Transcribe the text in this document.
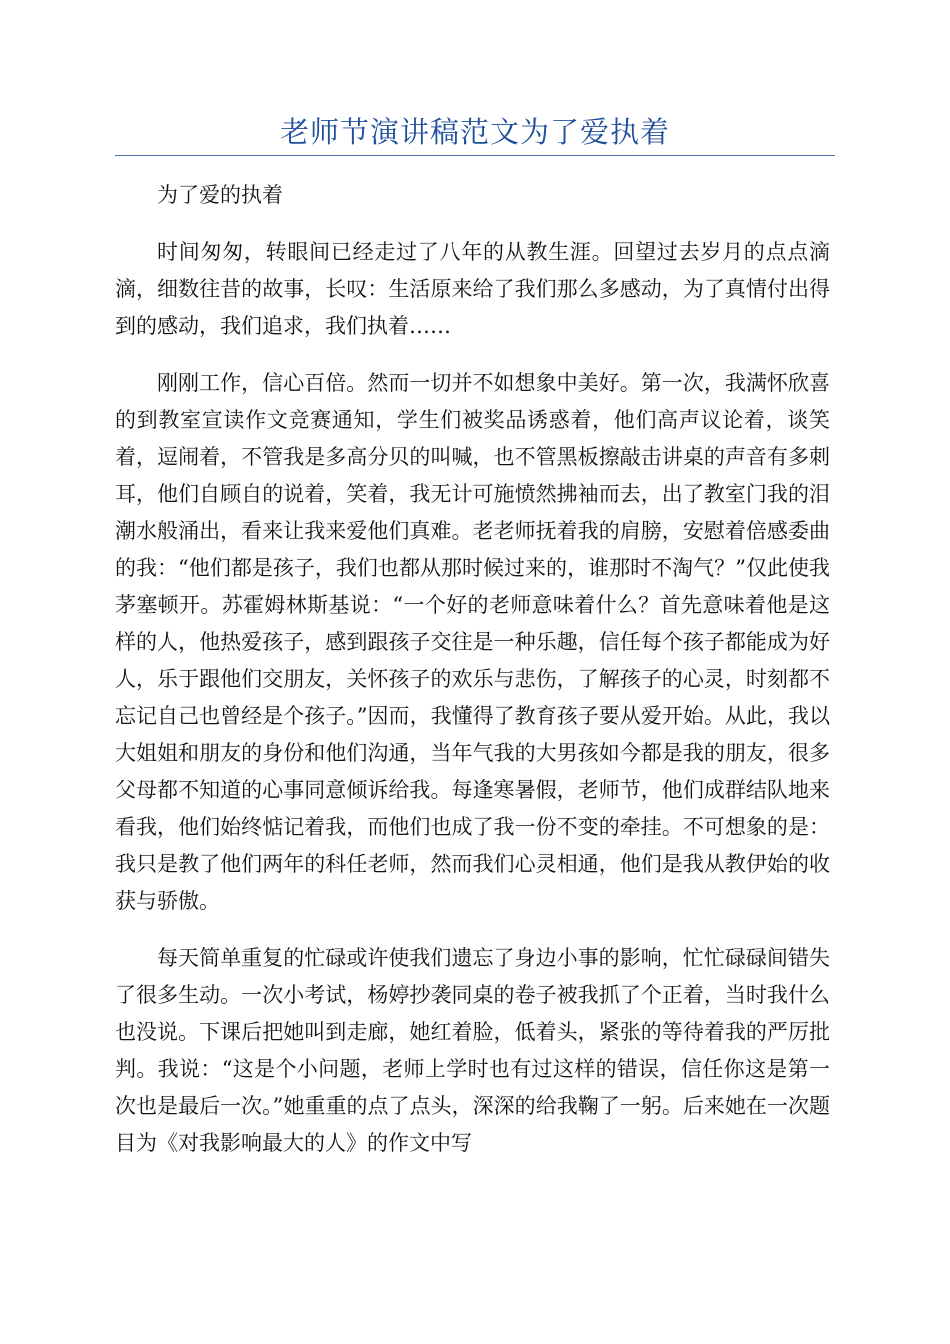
老师节演讲稿范文为了爱执着

为了爱的执着

时间匆匆，转眼间已经走过了八年的从教生涯。回望过去岁月的点点滴滴，细数往昔的故事，长叹：生活原来给了我们那么多感动，为了真情付出得到的感动，我们追求，我们执着……

刚刚工作，信心百倍。然而一切并不如想象中美好。第一次，我满怀欣喜的到教室宣读作文竞赛通知，学生们被奖品诱惑着，他们高声议论着，谈笑着，逗闹着，不管我是多高分贝的叫喊，也不管黑板擦敲击讲桌的声音有多刺耳，他们自顾自的说着，笑着，我无计可施愤然拂袖而去，出了教室门我的泪潮水般涌出，看来让我来爱他们真难。老老师抚着我的肩膀，安慰着倍感委曲的我：“他们都是孩子，我们也都从那时候过来的，谁那时不淘气？”仅此使我茅塞顿开。苏霍姆林斯基说：“一个好的老师意味着什么？首先意味着他是这样的人，他热爱孩子，感到跟孩子交往是一种乐趣，信任每个孩子都能成为好人，乐于跟他们交朋友，关怀孩子的欢乐与悲伤，了解孩子的心灵，时刻都不忘记自己也曾经是个孩子。”因而，我懂得了教育孩子要从爱开始。从此，我以大姐姐和朋友的身份和他们沟通，当年气我的大男孩如今都是我的朋友，很多父母都不知道的心事同意倾诉给我。每逢寒暑假，老师节，他们成群结队地来看我，他们始终惦记着我，而他们也成了我一份不变的牵挂。不可想象的是：我只是教了他们两年的科任老师，然而我们心灵相通，他们是我从教伊始的收获与骄傲。

每天简单重复的忙碌或许使我们遗忘了身边小事的影响，忙忙碌碌间错失了很多生动。一次小考试，杨婷抄袭同桌的卷子被我抓了个正着，当时我什么也没说。下课后把她叫到走廊，她红着脸，低着头，紧张的等待着我的严厉批判。我说：“这是个小问题，老师上学时也有过这样的错误，信任你这是第一次也是最后一次。”她重重的点了点头，深深的给我鞠了一躬。后来她在一次题目为《对我影响最大的人》的作文中写
